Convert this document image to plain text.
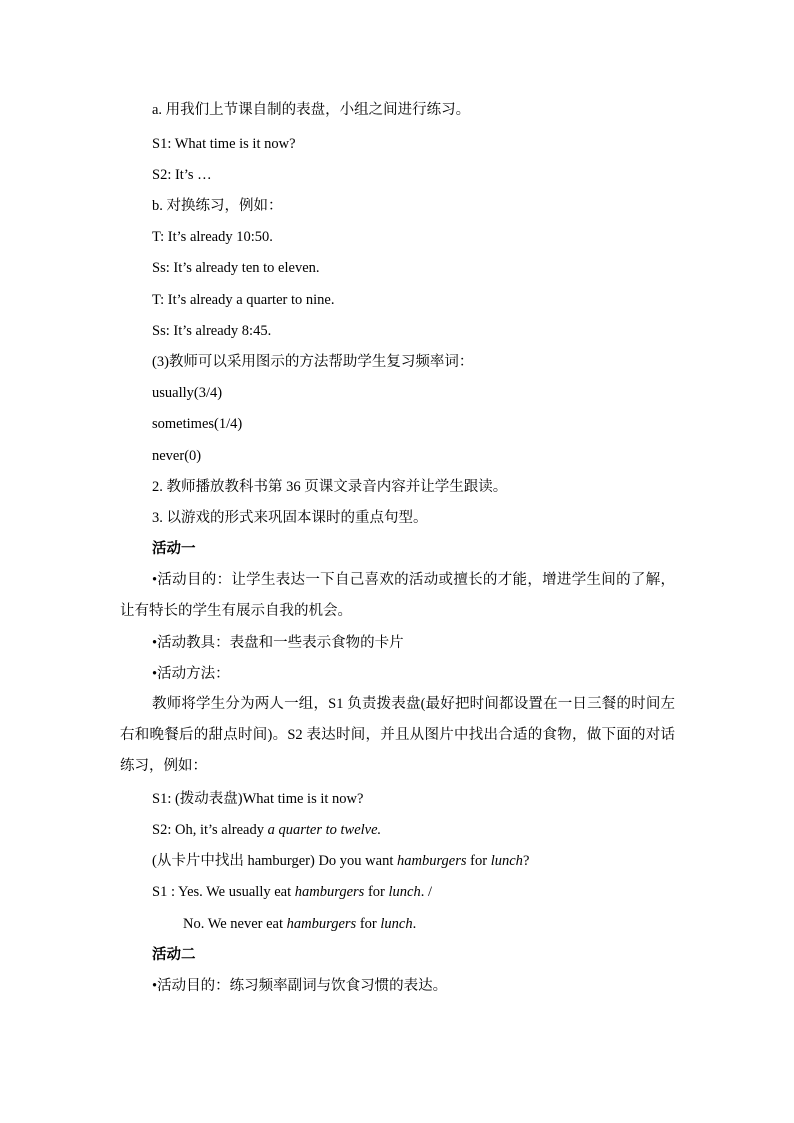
a. 用我们上节课自制的表盘，小组之间进行练习。
S1: What time is it now?
S2: It’s …
b. 对换练习，例如：
T: It’s already 10:50.
Ss: It’s already ten to eleven.
T: It’s already a quarter to nine.
Ss: It’s already 8:45.
(3)教师可以采用图示的方法帮助学生复习频率词：
usually(3/4)
sometimes(1/4)
never(0)
2. 教师播放教科书第 36 页课文录音内容并让学生跟读。
3. 以游戏的形式来巩固本课时的重点句型。
活动一
•活动目的：让学生表达一下自己喜欢的活动或擅长的才能，增进学生间的了解，让有特长的学生有展示自我的机会。
•活动教具：表盘和一些表示食物的卡片
•活动方法：
教师将学生分为两人一组，S1 负责拨表盘(最好把时间都设置在一日三餐的时间左右和晚餐后的甜点时间)。S2 表达时间，并且从图片中找出合适的食物，做下面的对话练习，例如：
S1: (拨动表盘)What time is it now?
S2: Oh, it’s already a quarter to twelve.
(从卡片中找出 hamburger) Do you want hamburgers for lunch?
S1 : Yes. We usually eat hamburgers for lunch. /
No. We never eat hamburgers for lunch.
活动二
•活动目的：练习频率副词与饮食习惯的表达。
